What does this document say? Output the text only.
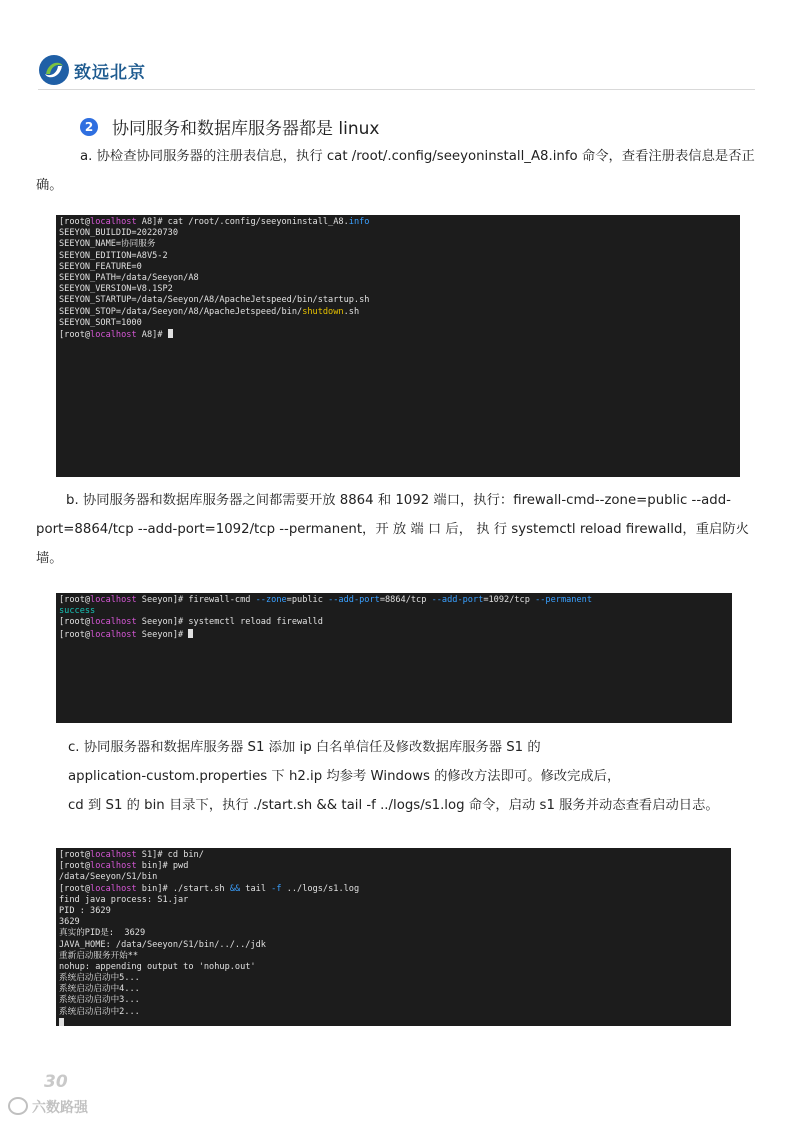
致远北京
2 协同服务和数据库服务器都是 linux
a. 协检查协同服务器的注册表信息，执行 cat /root/.config/seeyoninstall_A8.info 命令，查看注册表信息是否正确。
[root@localhost A8]# cat /root/.config/seeyoninstall_A8.info
SEEYON_BUILDID=20220730
SEEYON_NAME=协同服务
SEEYON_EDITION=A8V5-2
SEEYON_FEATURE=0
SEEYON_PATH=/data/Seeyon/A8
SEEYON_VERSION=V8.1SP2
SEEYON_STARTUP=/data/Seeyon/A8/ApacheJetspeed/bin/startup.sh
SEEYON_STOP=/data/Seeyon/A8/ApacheJetspeed/bin/shutdown.sh
SEEYON_SORT=1000
[root@localhost A8]#
b. 协同服务器和数据库服务器之间都需要开放 8864 和 1092 端口，执行：firewall-cmd--zone=public --add-port=8864/tcp --add-port=1092/tcp --permanent，开 放 端 口 后， 执 行 systemctl reload firewalld，重启防火墙。
[root@localhost Seeyon]# firewall-cmd --zone=public --add-port=8864/tcp --add-port=1092/tcp --permanent
success
[root@localhost Seeyon]# systemctl reload firewalld
[root@localhost Seeyon]#
c. 协同服务器和数据库服务器 S1 添加 ip 白名单信任及修改数据库服务器 S1 的
application-custom.properties 下 h2.ip 均参考 Windows 的修改方法即可。修改完成后，
cd 到 S1 的 bin 目录下，执行 ./start.sh && tail -f ../logs/s1.log 命令，启动 s1 服务并动态查看启动日志。
[root@localhost S1]# cd bin/
[root@localhost bin]# pwd
/data/Seeyon/S1/bin
[root@localhost bin]# ./start.sh && tail -f ../logs/s1.log
find java process: S1.jar
PID : 3629
3629
真实的PID是:  3629
JAVA_HOME: /data/Seeyon/S1/bin/../../jdk
重新启动服务开始**
nohup: appending output to 'nohup.out'
系统启动启动中5...
系统启动启动中4...
系统启动启动中3...
系统启动启动中2...
30
六数路强
